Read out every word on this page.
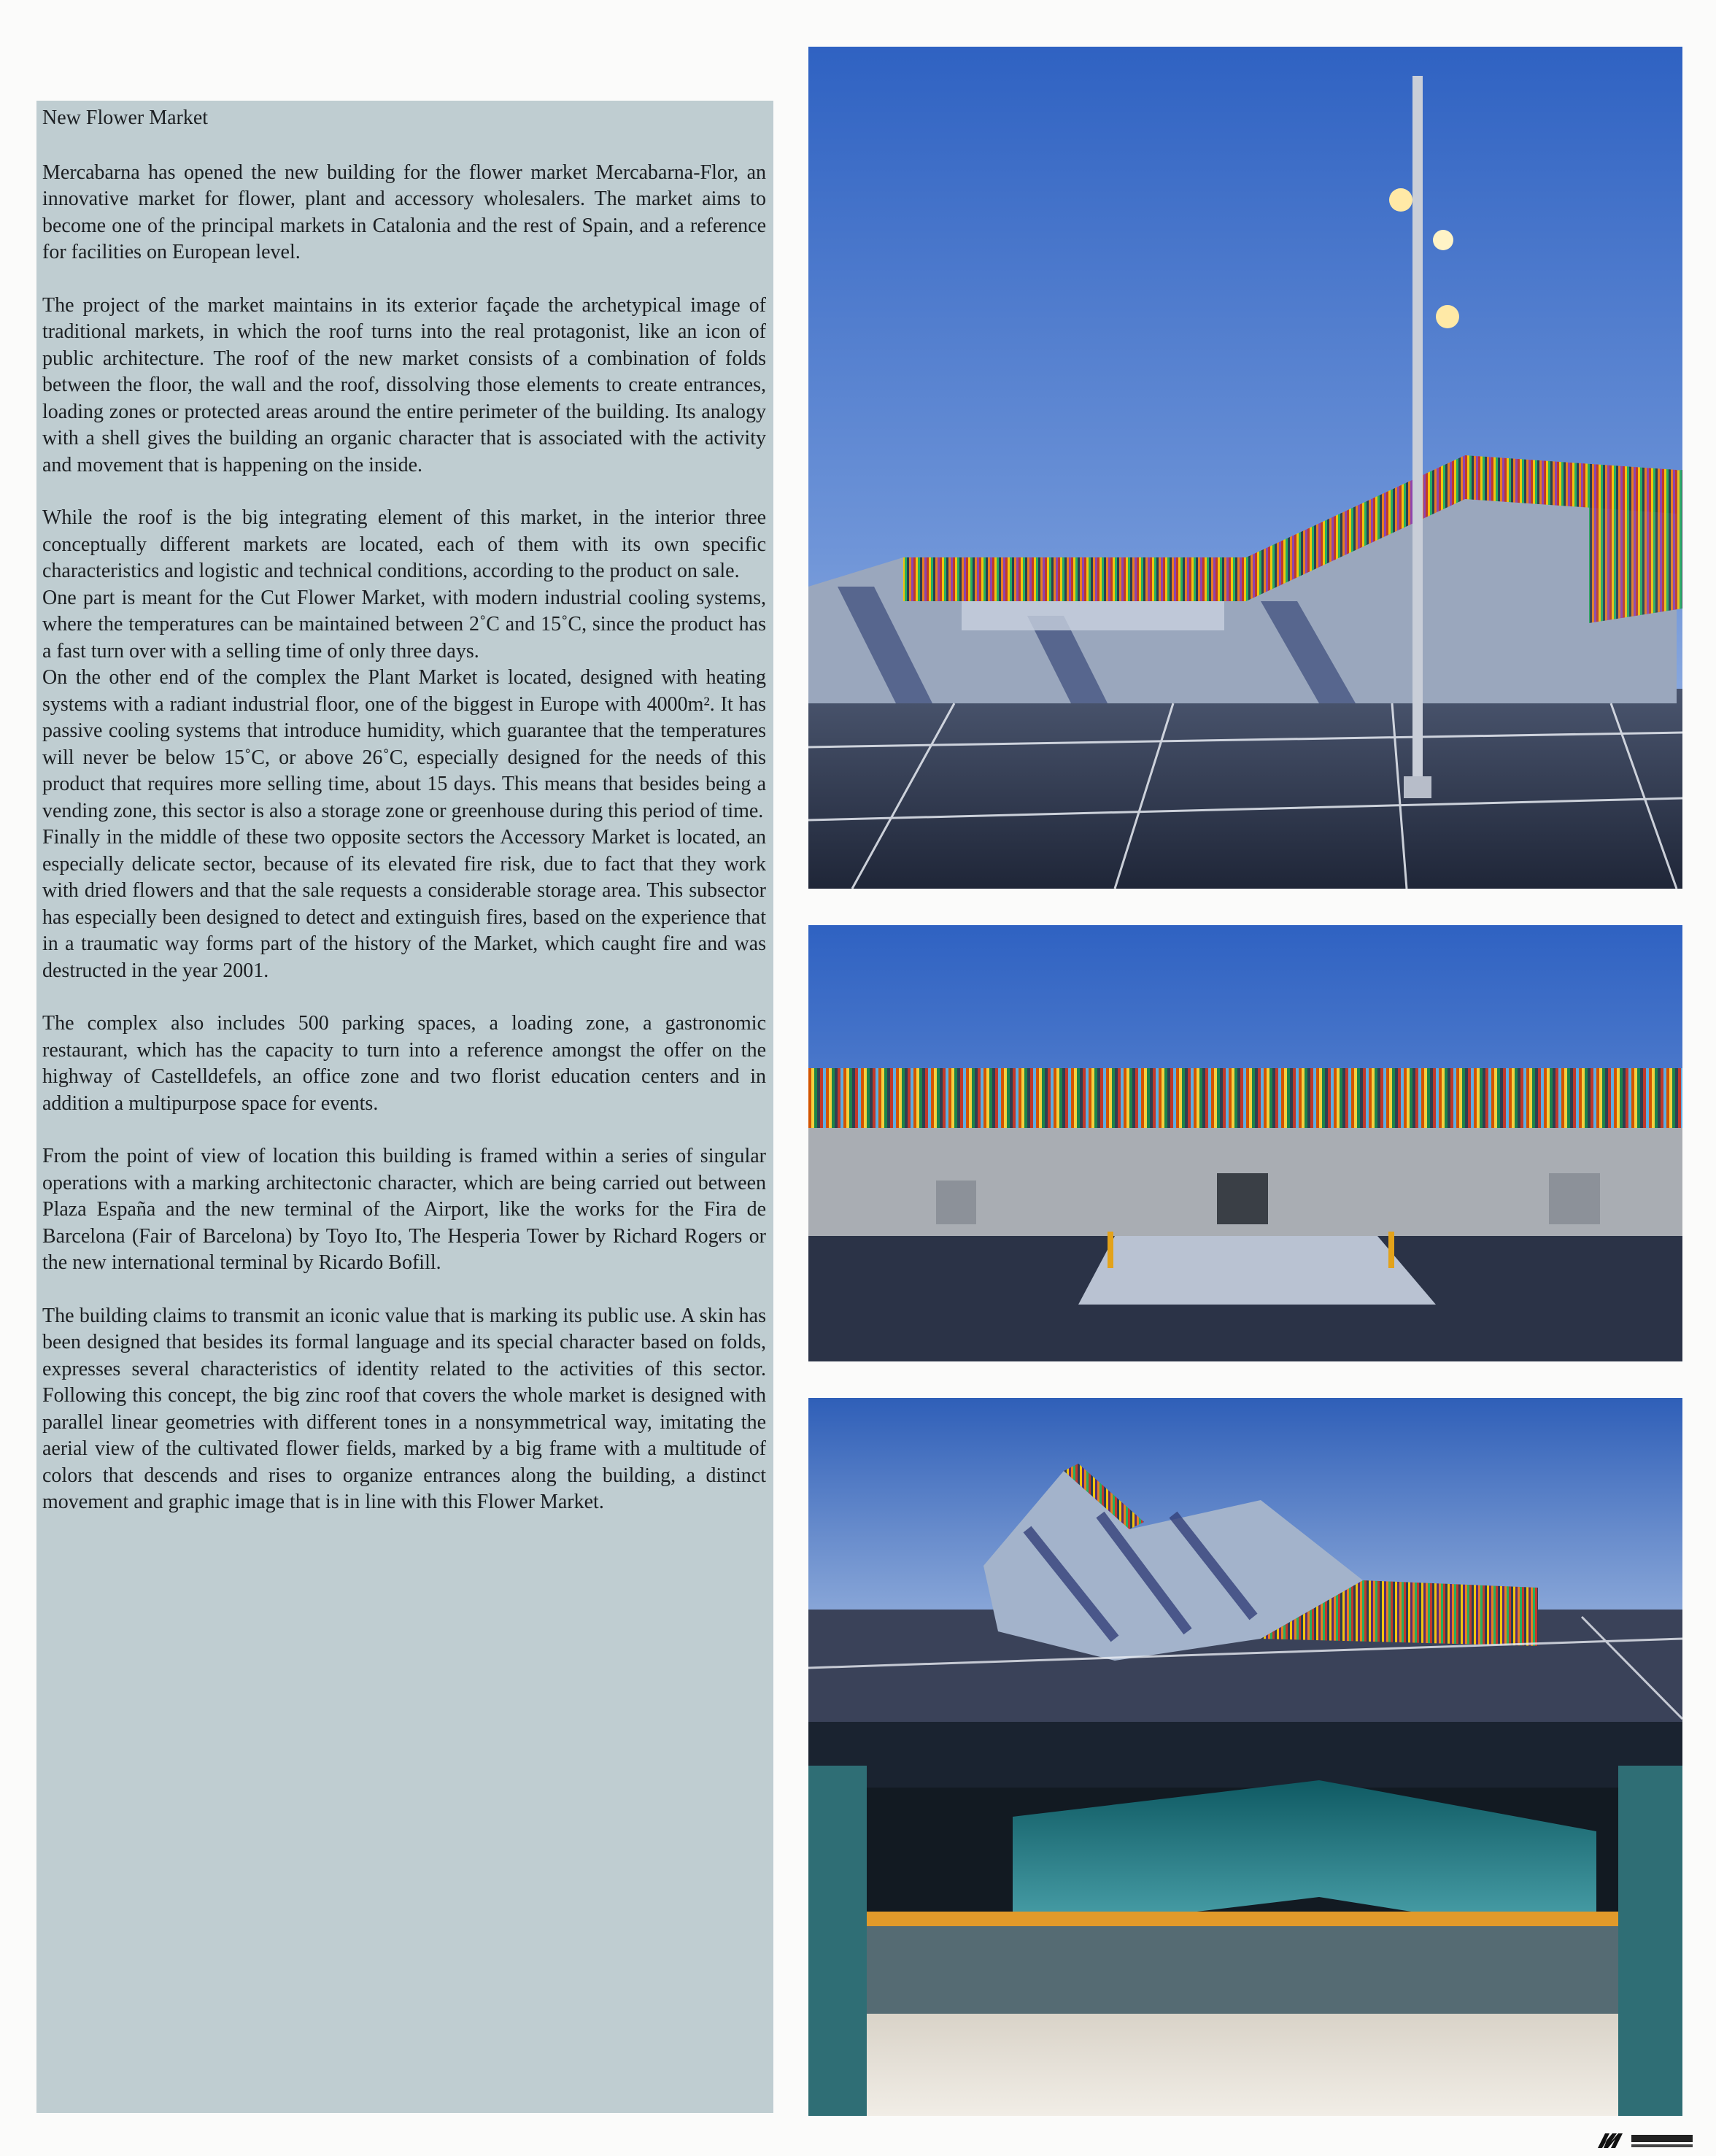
New Flower Market

Mercabarna has opened the new building for the flower market Mercabarna-Flor, an innovative market for flower, plant and accessory wholesalers. The market aims to become one of the principal markets in Catalonia and the rest of Spain, and a reference for facilities on European level.

The project of the market maintains in its exterior façade the archetypical image of traditional markets, in which the roof turns into the real protagonist, like an icon of public architecture. The roof of the new market consists of a combination of folds between the floor, the wall and the roof, dissolving those elements to create entrances, loading zones or protected areas around the entire perimeter of the building. Its analogy with a shell gives the building an organic character that is associated with the activity and movement that is happening on the inside.

While the roof is the big integrating element of this market, in the interior three conceptually different markets are located, each of them with its own specific characteristics and logistic and technical conditions, according to the product on sale.

One part is meant for the Cut Flower Market, with modern industrial cooling systems, where the temperatures can be maintained between 2˚C and 15˚C, since the product has a fast turn over with a selling time of only three days.

On the other end of the complex the Plant Market is located, designed with heating systems with a radiant industrial floor, one of the biggest in Europe with 4000m². It has passive cooling systems that introduce humidity, which guarantee that the temperatures will never be below 15˚C, or above 26˚C, especially designed for the needs of this product that requires more selling time, about 15 days. This means that besides being a vending zone, this sector is also a storage zone or greenhouse during this period of time.

Finally in the middle of these two opposite sectors the Accessory Market is located, an especially delicate sector, because of its elevated fire risk, due to fact that they work with dried flowers and that the sale requests a considerable storage area. This subsector has especially been designed to detect and extinguish fires, based on the experience that in a traumatic way forms part of the history of the Market, which caught fire and was destructed in the year 2001.

The complex also includes 500 parking spaces, a loading zone, a gastronomic restaurant, which has the capacity to turn into a reference amongst the offer on the highway of Castelldefels, an office zone and two florist education centers and in addition a multipurpose space for events.

From the point of view of location this building is framed within a series of singular operations with a marking architectonic character, which are being carried out between Plaza España and the new terminal of the Airport, like the works for the Fira de Barcelona (Fair of Barcelona) by Toyo Ito, The Hesperia Tower by Richard Rogers or the new international terminal by Ricardo Bofill.

The building claims to transmit an iconic value that is marking its public use. A skin has been designed that besides its formal language and its special character based on folds, expresses several characteristics of identity related to the activities of this sector. Following this concept, the big zinc roof that covers the whole market is designed with parallel linear geometries with different tones in a nonsymmetrical way, imitating the aerial view of the cultivated flower fields, marked by a big frame with a multitude of colors that descends and rises to organize entrances along the building, a distinct movement and graphic image that is in line with this Flower Market.
